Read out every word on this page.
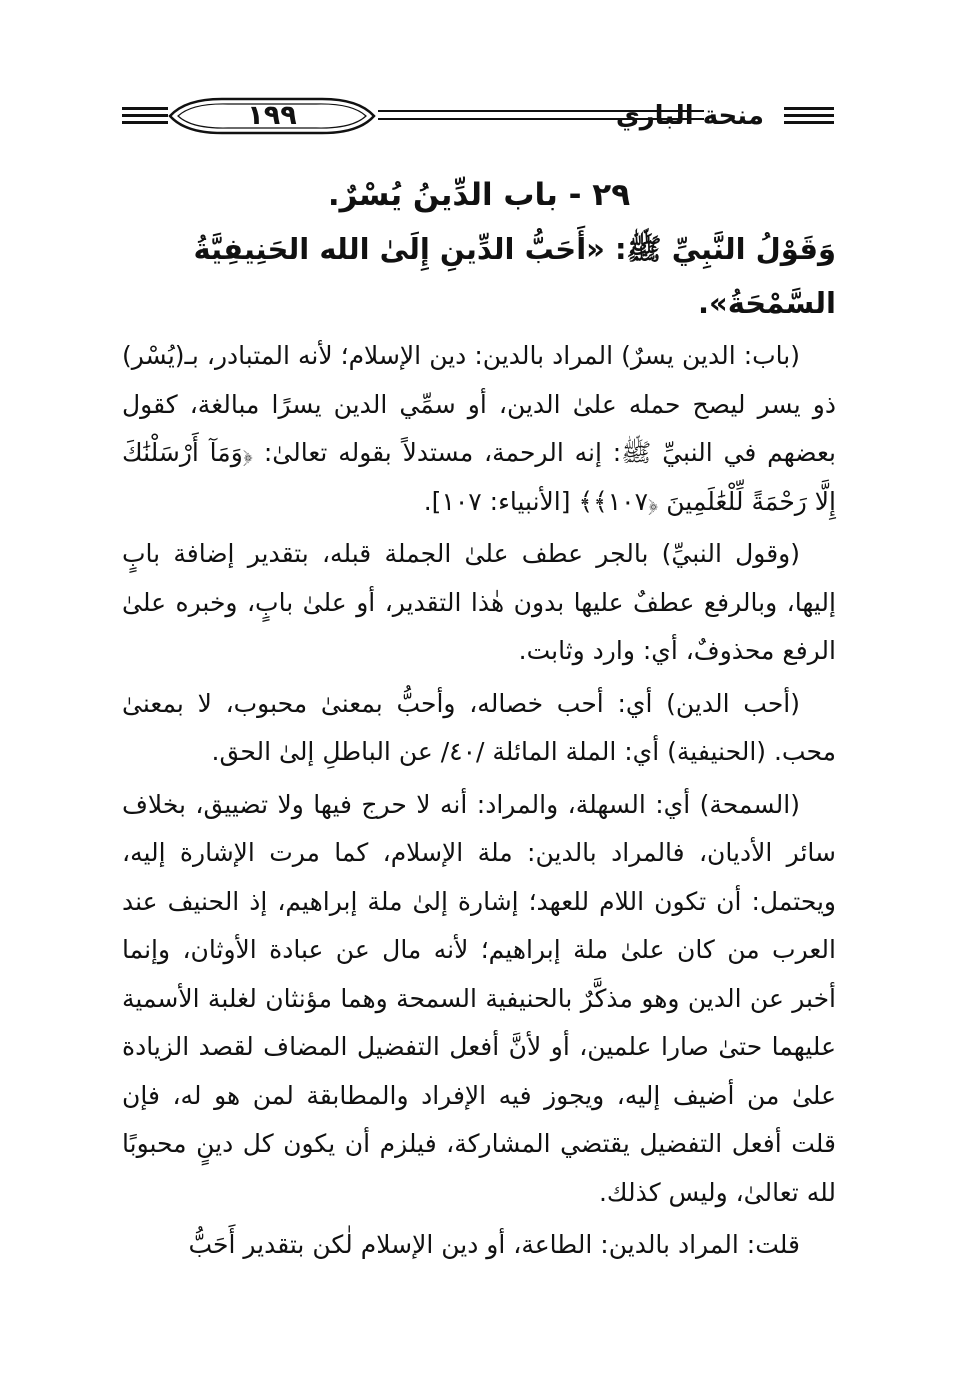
١٩٩	منحة الباري

٢٩ - باب الدِّينُ يُسْرٌ.

وَقَوْلُ النَّبِيِّ ﷺ: «أَحَبُّ الدِّينِ إِلَىٰ الله الحَنِيفِيَّةُ السَّمْحَةُ».

(باب: الدين يسرٌ) المراد بالدين: دين الإسلام؛ لأنه المتبادر، بـ(يُسْر) ذو يسر ليصح حمله علىٰ الدين، أو سمِّي الدين يسرًا مبالغة، كقول بعضهم في النبيِّ ﷺ: إنه الرحمة، مستدلاً بقوله تعالىٰ: ﴿وَمَآ أَرْسَلْنَٰكَ إِلَّا رَحْمَةً لِّلْعَٰلَمِينَ ﴿١٠٧﴾﴾ [الأنبياء: ١٠٧].

(وقول النبيِّ) بالجر عطف علىٰ الجملة قبله، بتقدير إضافة بابٍ إليها، وبالرفع عطفٌ عليها بدون هٰذا التقدير، أو علىٰ بابٍ، وخبره علىٰ الرفع محذوفٌ، أي: وارد وثابت.

(أحب الدين) أي: أحب خصاله، وأحبُّ بمعنىٰ محبوب، لا بمعنىٰ محب. (الحنيفية) أي: الملة المائلة /٤٠/ عن الباطلِ إلىٰ الحق.

(السمحة) أي: السهلة، والمراد: أنه لا حرج فيها ولا تضييق، بخلاف سائر الأديان، فالمراد بالدين: ملة الإسلام، كما مرت الإشارة إليه، ويحتمل: أن تكون اللام للعهد؛ إشارة إلىٰ ملة إبراهيم، إذ الحنيف عند العرب من كان علىٰ ملة إبراهيم؛ لأنه مال عن عبادة الأوثان، وإنما أخبر عن الدين وهو مذكَّرٌ بالحنيفية السمحة وهما مؤنثان لغلبة الأسمية عليهما حتىٰ صارا علمين، أو لأنَّ أفعل التفضيل المضاف لقصد الزيادة علىٰ من أضيف إليه، ويجوز فيه الإفراد والمطابقة لمن هو له، فإن قلت أفعل التفضيل يقتضي المشاركة، فيلزم أن يكون كل دينٍ محبوبًا لله تعالىٰ، وليس كذلك.

قلت: المراد بالدين: الطاعة، أو دين الإسلام لٰكن بتقدير أَحَبُّ
